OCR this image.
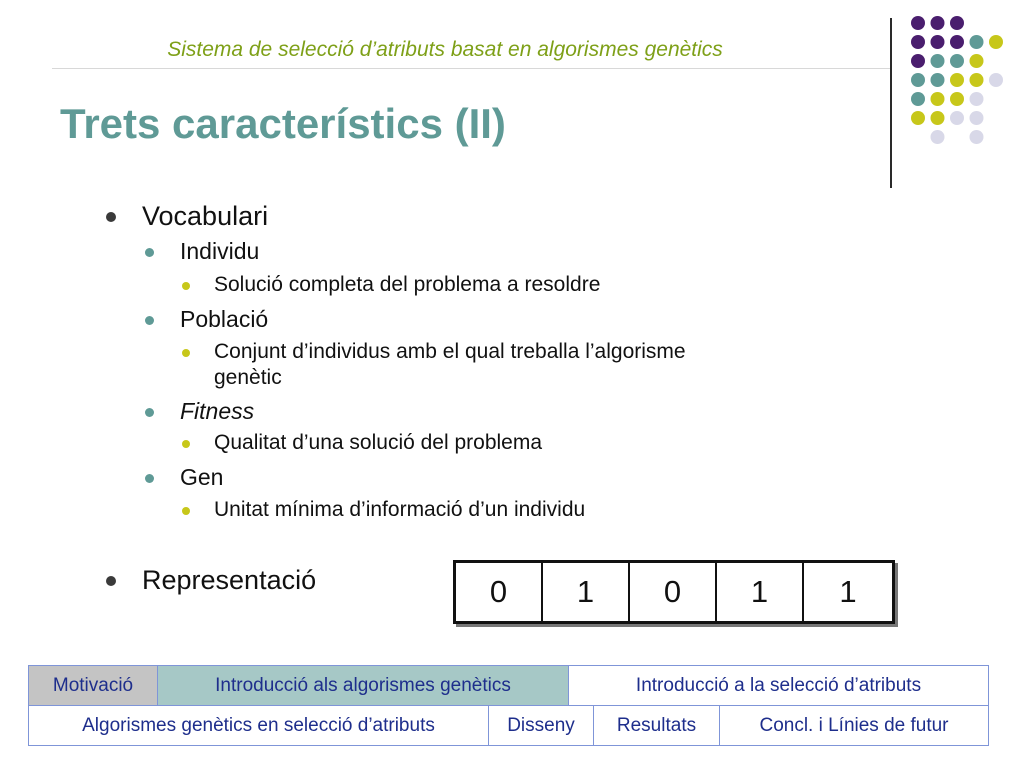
Sistema de selecció d’atributs basat en algorismes genètics
Trets característics (II)
Vocabulari
Individu
Solució completa del problema a resoldre
Població
Conjunt d’individus amb el qual treballa l’algorisme
genètic
Fitness
Qualitat d’una solució del problema
Gen
Unitat mínima d’informació d’un individu
Representació	0	1	0	1	1
Motivació	Introducció als algorismes genètics	Introducció a la selecció d’atributs
Algorismes genètics en selecció d’atributs	Disseny	Resultats	Concl. i Línies de futur
